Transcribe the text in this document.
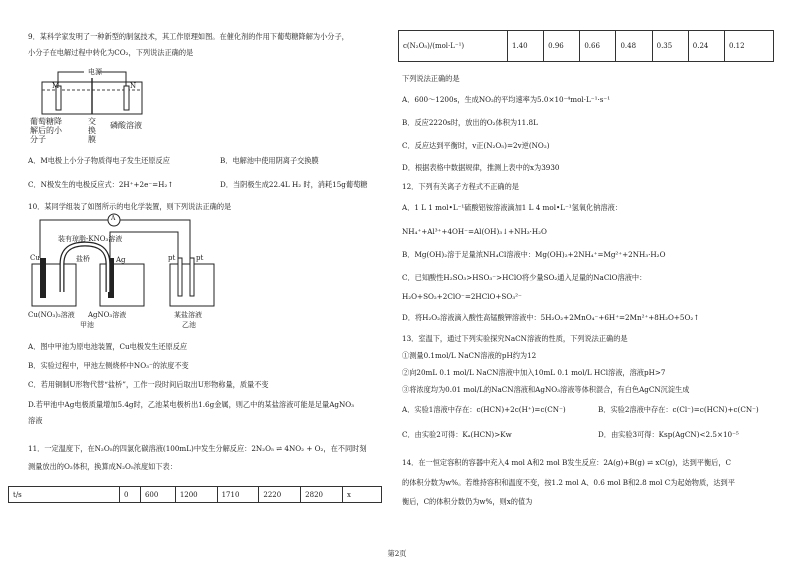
9．某科学家发明了一种新型的制氢技术，其工作原理如图。在催化剂的作用下葡萄糖降解为小分子，
小分子在电解过程中转化为CO₂，下列说法正确的是
电源
M	N
葡萄糖降
解后的小
分子
交
换
膜
磷酸溶液
A．M电极上小分子物质得电子发生还原反应	B．电解池中使用阴离子交换膜
C．N极发生的电极反应式：2H⁺+2e⁻=H₂↑	D．当阴极生成22.4L H₂ 时，消耗15g葡萄糖
10．某同学组装了如图所示的电化学装置，则下列说法正确的是
A
装有琼脂-KNO₃溶液
盐桥
Cu	Ag	pt	pt
Cu(NO₃)₂溶液 AgNO₃溶液	某盐溶液
甲池	乙池
A．图中甲池为原电池装置，Cu电极发生还原反应
B．实验过程中，甲池左侧烧杯中NO₃⁻的浓度不变
C．若用铜制U形物代替“盐桥”，工作一段时间后取出U形物称量，质量不变
D.若甲池中Ag电极质量增加5.4g时，乙池某电极析出1.6g金属，则乙中的某盐溶液可能是足量AgNO₃
溶液
11．一定温度下，在N₂O₅的四氯化碳溶液(100mL)中发生分解反应：2N₂O₅ ⇌ 4NO₂ + O₂，在不同时刻
测量放出的O₂体积，换算成N₂O₅浓度如下表：
t/s	0	600	1200	1710	2220	2820	x
c(N₂O₅)/(mol·L⁻¹)	1.40	0.96	0.66	0.48	0.35	0.24	0.12
下列说法正确的是
A．600～1200s，生成NO₂的平均速率为5.0×10⁻⁴mol·L⁻¹·s⁻¹
B．反应2220s时，放出的O₂体积为11.8L
C．反应达到平衡时，v正(N₂O₅)=2v逆(NO₂)
D．根据表格中数据规律，推测上表中的x为3930
12．下列有关离子方程式不正确的是
A．1 L 1 mol•L⁻¹硫酸铝铵溶液滴加1 L 4 mol•L⁻¹氢氧化钠溶液：
NH₄⁺+Al³⁺+4OH⁻=Al(OH)₃↓+NH₃·H₂O
B．Mg(OH)₂溶于足量浓NH₄Cl溶液中：Mg(OH)₂+2NH₄⁺=Mg²⁺+2NH₃·H₂O
C．已知酸性H₂SO₃>HSO₃⁻>HClO将少量SO₂通入足量的NaClO溶液中：
H₂O+SO₂+2ClO⁻=2HClO+SO₃²⁻
D．将H₂O₂溶液滴入酸性高锰酸钾溶液中：5H₂O₂+2MnO₄⁻+6H⁺=2Mn²⁺+8H₂O+5O₂↑
13．室温下，通过下列实验探究NaCN溶液的性质，下列说法正确的是
①测量0.1mol/L NaCN溶液的pH约为12
②向20mL 0.1 mol/L NaCN溶液中加入10mL 0.1 mol/L HCl溶液，溶液pH>7
③将浓度均为0.01 mol/L的NaCN溶液和AgNO₃溶液等体积混合，有白色AgCN沉淀生成
A．实验1溶液中存在：c(HCN)+2c(H⁺)=c(CN⁻)	B．实验2溶液中存在：c(Cl⁻)=c(HCN)+c(CN⁻)
C．由实验2可得：Kₐ(HCN)>Kw	D．由实验3可得：Ksp(AgCN)<2.5×10⁻⁵
14．在一恒定容积的容器中充入4 mol A和2 mol B发生反应：2A(g)+B(g) ⇌ xC(g)，达到平衡后，C
的体积分数为w%。若维持容积和温度不变，按1.2 mol A、0.6 mol B和2.8 mol C为起始物质，达到平
衡后，C的体积分数仍为w%，则x的值为
第2页
